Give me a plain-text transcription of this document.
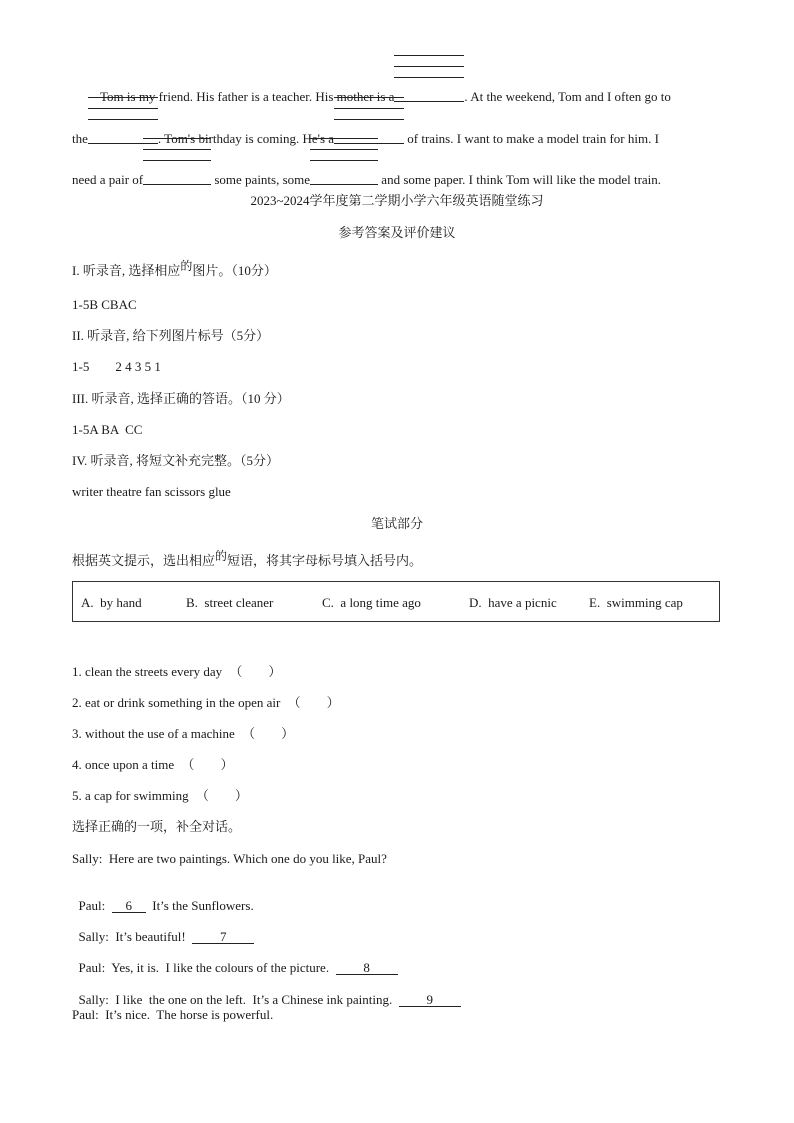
Tom is my friend. His father is a teacher. His mother is a	. At the weekend, Tom and I often go to
the	. Tom's birthday is coming. He's a	of trains. I want to make a model train for him. I
need a pair of	some paints, some	and some paper. I think Tom will like the model train.
2023~2024学年度第二学期小学六年级英语随堂练习
参考答案及评价建议
I. 听录音, 选择相应的图片。（10分）
1-5B CBAC
II. 听录音, 给下列图片标号（5分）
1-5        2 4 3 5 1
III. 听录音, 选择正确的答语。（10 分）
1-5A BA  CC
IV. 听录音, 将短文补充完整。（5分）
writer theatre fan scissors glue
笔试部分
根据英文提示，选出相应的短语，将其字母标号填入括号内。
A.  by hand	B.  street cleaner	C.  a long time ago	D.  have a picnic E.  swimming cap
1. clean the streets every day （ ）
2. eat or drink something in the open air （ ）
3. without the use of a machine （ ）
4. once upon a time （ ）
5. a cap for swimming （ ）
选择正确的一项，补全对话。
Sally:  Here are two paintings. Which one do you like, Paul?

Paul:  6  It’s the Sunflowers.

Sally:  It’s beautiful!  7

Paul:  Yes, it is.  I like the colours of the picture.  8

Sally:  I like  the one on the left.  It’s a Chinese ink painting.  9

Paul:  It’s nice.  The horse is powerful.
